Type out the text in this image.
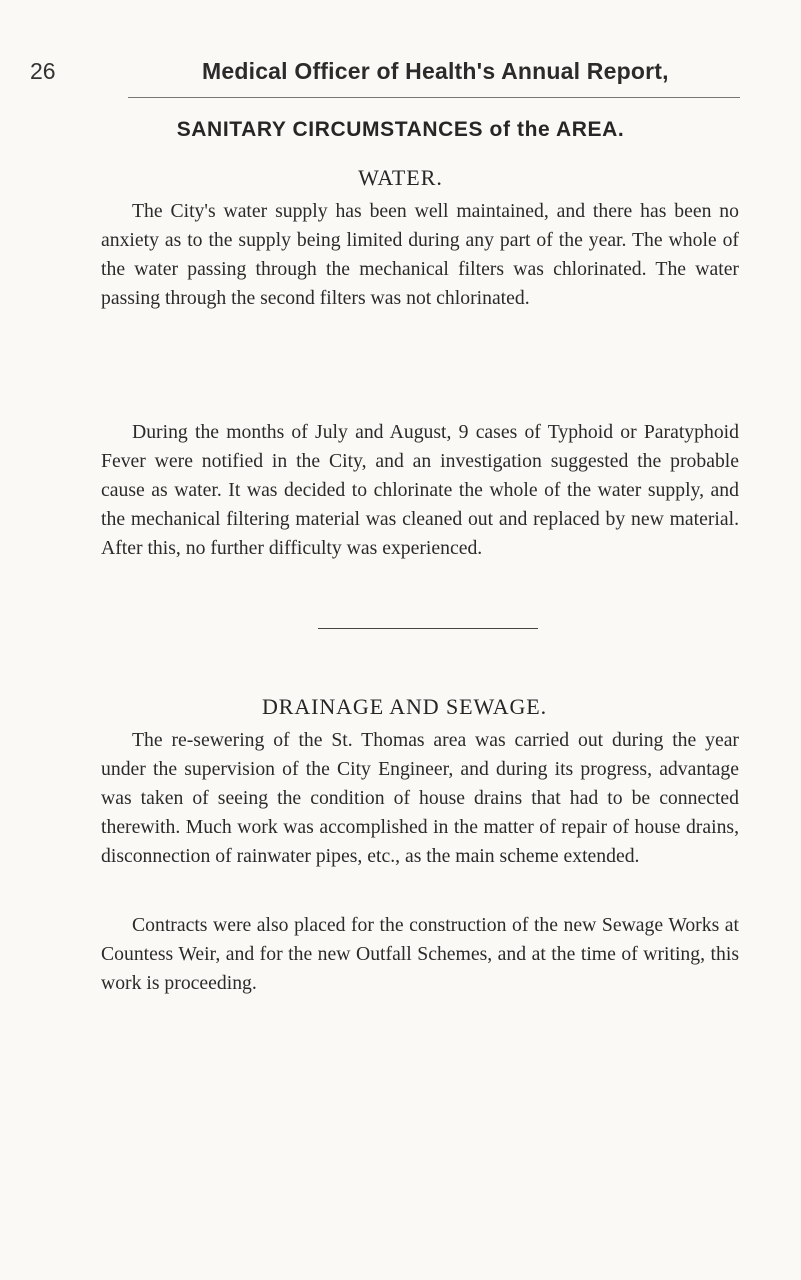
26	Medical Officer of Health's Annual Report,
SANITARY CIRCUMSTANCES of the AREA.
WATER.

The City's water supply has been well maintained, and there has been no anxiety as to the supply being limited during any part of the year. The whole of the water passing through the mechanical filters was chlorinated. The water passing through the second filters was not chlorinated.

During the months of July and August, 9 cases of Typhoid or Paratyphoid Fever were notified in the City, and an investigation suggested the probable cause as water. It was decided to chlorinate the whole of the water supply, and the mechanical filtering material was cleaned out and replaced by new material. After this, no further difficulty was experienced.

DRAINAGE AND SEWAGE.

The re-sewering of the St. Thomas area was carried out during the year under the supervision of the City Engineer, and during its progress, advantage was taken of seeing the condition of house drains that had to be connected therewith. Much work was accomplished in the matter of repair of house drains, disconnection of rainwater pipes, etc., as the main scheme extended.

Contracts were also placed for the construction of the new Sewage Works at Countess Weir, and for the new Outfall Schemes, and at the time of writing, this work is proceeding.
